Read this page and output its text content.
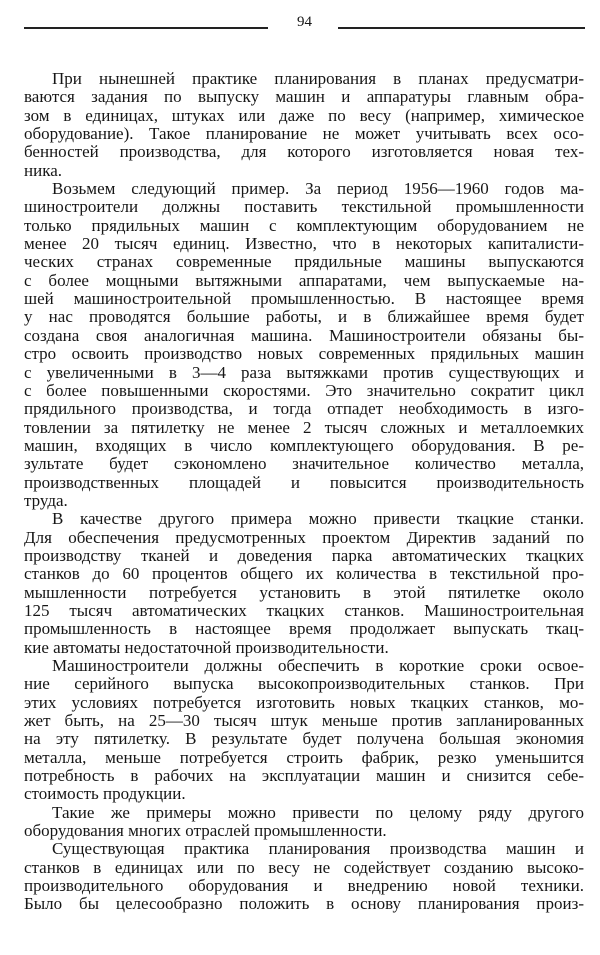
94
При нынешней практике планирования в планах предусматри-
ваются задания по выпуску машин и аппаратуры главным обра-
зом в единицах, штуках или даже по весу (например, химическое
оборудование). Такое планирование не может учитывать всех осо-
бенностей производства, для которого изготовляется новая тех-
ника.
Возьмем следующий пример. За период 1956—1960 годов ма-
шиностроители должны поставить текстильной промышленности
только прядильных машин с комплектующим оборудованием не
менее 20 тысяч единиц. Известно, что в некоторых капиталисти-
ческих странах современные прядильные машины выпускаются
с более мощными вытяжными аппаратами, чем выпускаемые на-
шей машиностроительной промышленностью. В настоящее время
у нас проводятся большие работы, и в ближайшее время будет
создана своя аналогичная машина. Машиностроители обязаны бы-
стро освоить производство новых современных прядильных машин
с увеличенными в 3—4 раза вытяжками против существующих и
с более повышенными скоростями. Это значительно сократит цикл
прядильного производства, и тогда отпадет необходимость в изго-
товлении за пятилетку не менее 2 тысяч сложных и металлоемких
машин, входящих в число комплектующего оборудования. В ре-
зультате будет сэкономлено значительное количество металла,
производственных площадей и повысится производительность
труда.
В качестве другого примера можно привести ткацкие станки.
Для обеспечения предусмотренных проектом Директив заданий по
производству тканей и доведения парка автоматических ткацких
станков до 60 процентов общего их количества в текстильной про-
мышленности потребуется установить в этой пятилетке около
125 тысяч автоматических ткацких станков. Машиностроительная
промышленность в настоящее время продолжает выпускать ткац-
кие автоматы недостаточной производительности.
Машиностроители должны обеспечить в короткие сроки освое-
ние серийного выпуска высокопроизводительных станков. При
этих условиях потребуется изготовить новых ткацких станков, мо-
жет быть, на 25—30 тысяч штук меньше против запланированных
на эту пятилетку. В результате будет получена большая экономия
металла, меньше потребуется строить фабрик, резко уменьшится
потребность в рабочих на эксплуатации машин и снизится себе-
стоимость продукции.
Такие же примеры можно привести по целому ряду другого
оборудования многих отраслей промышленности.
Существующая практика планирования производства машин и
станков в единицах или по весу не содействует созданию высоко-
производительного оборудования и внедрению новой техники.
Было бы целесообразно положить в основу планирования произ-
